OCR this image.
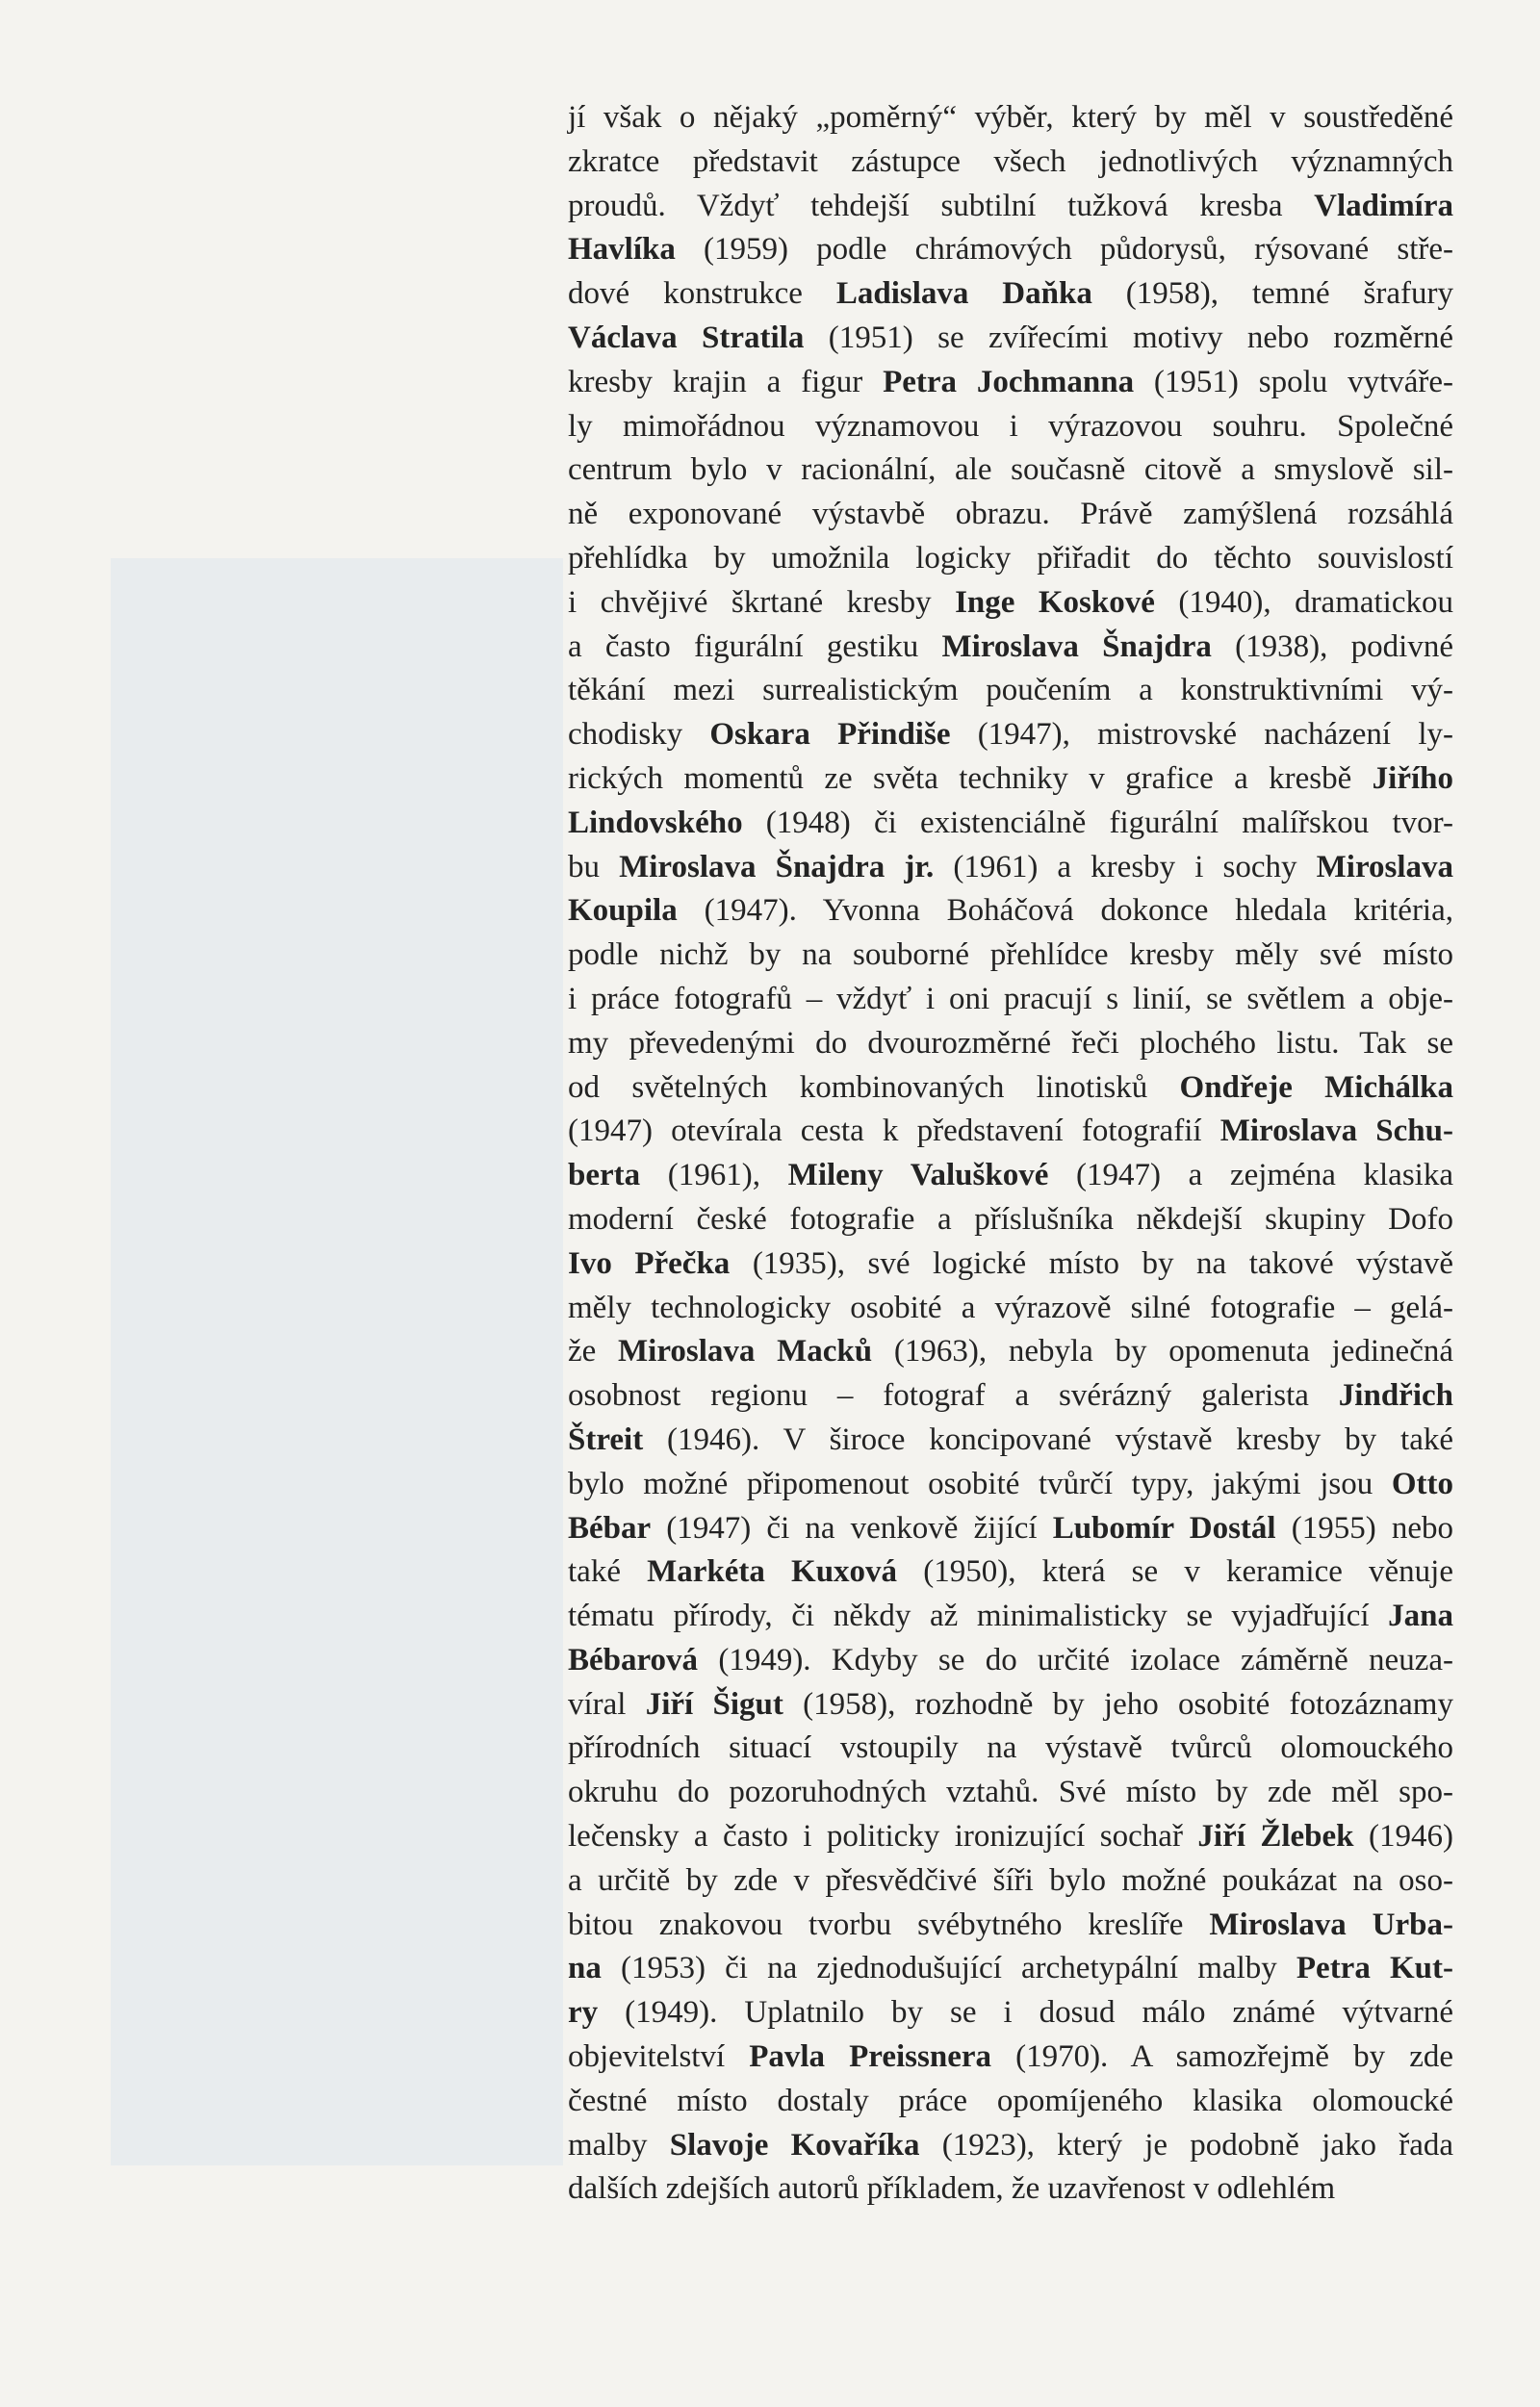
jí však o nějaký „poměrný“ výběr, který by měl v soustředěné
zkratce představit zástupce všech jednotlivých významných
proudů. Vždyť tehdejší subtilní tužková kresba Vladimíra
Havlíka (1959) podle chrámových půdorysů, rýsované stře-
dové konstrukce Ladislava Daňka (1958), temné šrafury
Václava Stratila (1951) se zvířecími motivy nebo rozměrné
kresby krajin a figur Petra Jochmanna (1951) spolu vytváře-
ly mimořádnou významovou i výrazovou souhru. Společné
centrum bylo v racionální, ale současně citově a smyslově sil-
ně exponované výstavbě obrazu. Právě zamýšlená rozsáhlá
přehlídka by umožnila logicky přiřadit do těchto souvislostí
i chvějivé škrtané kresby Inge Koskové (1940), dramatickou
a často figurální gestiku Miroslava Šnajdra (1938), podivné
těkání mezi surrealistickým poučením a konstruktivními vý-
chodisky Oskara Přindiše (1947), mistrovské nacházení ly-
rických momentů ze světa techniky v grafice a kresbě Jiřího
Lindovského (1948) či existenciálně figurální malířskou tvor-
bu Miroslava Šnajdra jr. (1961) a kresby i sochy Miroslava
Koupila (1947). Yvonna Boháčová dokonce hledala kritéria,
podle nichž by na souborné přehlídce kresby měly své místo
i práce fotografů – vždyť i oni pracují s linií, se světlem a obje-
my převedenými do dvourozměrné řeči plochého listu. Tak se
od světelných kombinovaných linotisků Ondřeje Michálka
(1947) otevírala cesta k představení fotografií Miroslava Schu-
berta (1961), Mileny Valuškové (1947) a zejména klasika
moderní české fotografie a příslušníka někdejší skupiny Dofo
Ivo Přečka (1935), své logické místo by na takové výstavě
měly technologicky osobité a výrazově silné fotografie – gelá-
že Miroslava Macků (1963), nebyla by opomenuta jedinečná
osobnost regionu – fotograf a svérázný galerista Jindřich
Štreit (1946). V široce koncipované výstavě kresby by také
bylo možné připomenout osobité tvůrčí typy, jakými jsou Otto
Bébar (1947) či na venkově žijící Lubomír Dostál (1955) nebo
také Markéta Kuxová (1950), která se v keramice věnuje
tématu přírody, či někdy až minimalisticky se vyjadřující Jana
Bébarová (1949). Kdyby se do určité izolace záměrně neuza-
víral Jiří Šigut (1958), rozhodně by jeho osobité fotozáznamy
přírodních situací vstoupily na výstavě tvůrců olomouckého
okruhu do pozoruhodných vztahů. Své místo by zde měl spo-
lečensky a často i politicky ironizující sochař Jiří Žlebek (1946)
a určitě by zde v přesvědčivé šíři bylo možné poukázat na oso-
bitou znakovou tvorbu svébytného kreslíře Miroslava Urba-
na (1953) či na zjednodušující archetypální malby Petra Kut-
ry (1949). Uplatnilo by se i dosud málo známé výtvarné
objevitelství Pavla Preissnera (1970). A samozřejmě by zde
čestné místo dostaly práce opomíjeného klasika olomoucké
malby Slavoje Kovaříka (1923), který je podobně jako řada
dalších zdejších autorů příkladem, že uzavřenost v odlehlém
